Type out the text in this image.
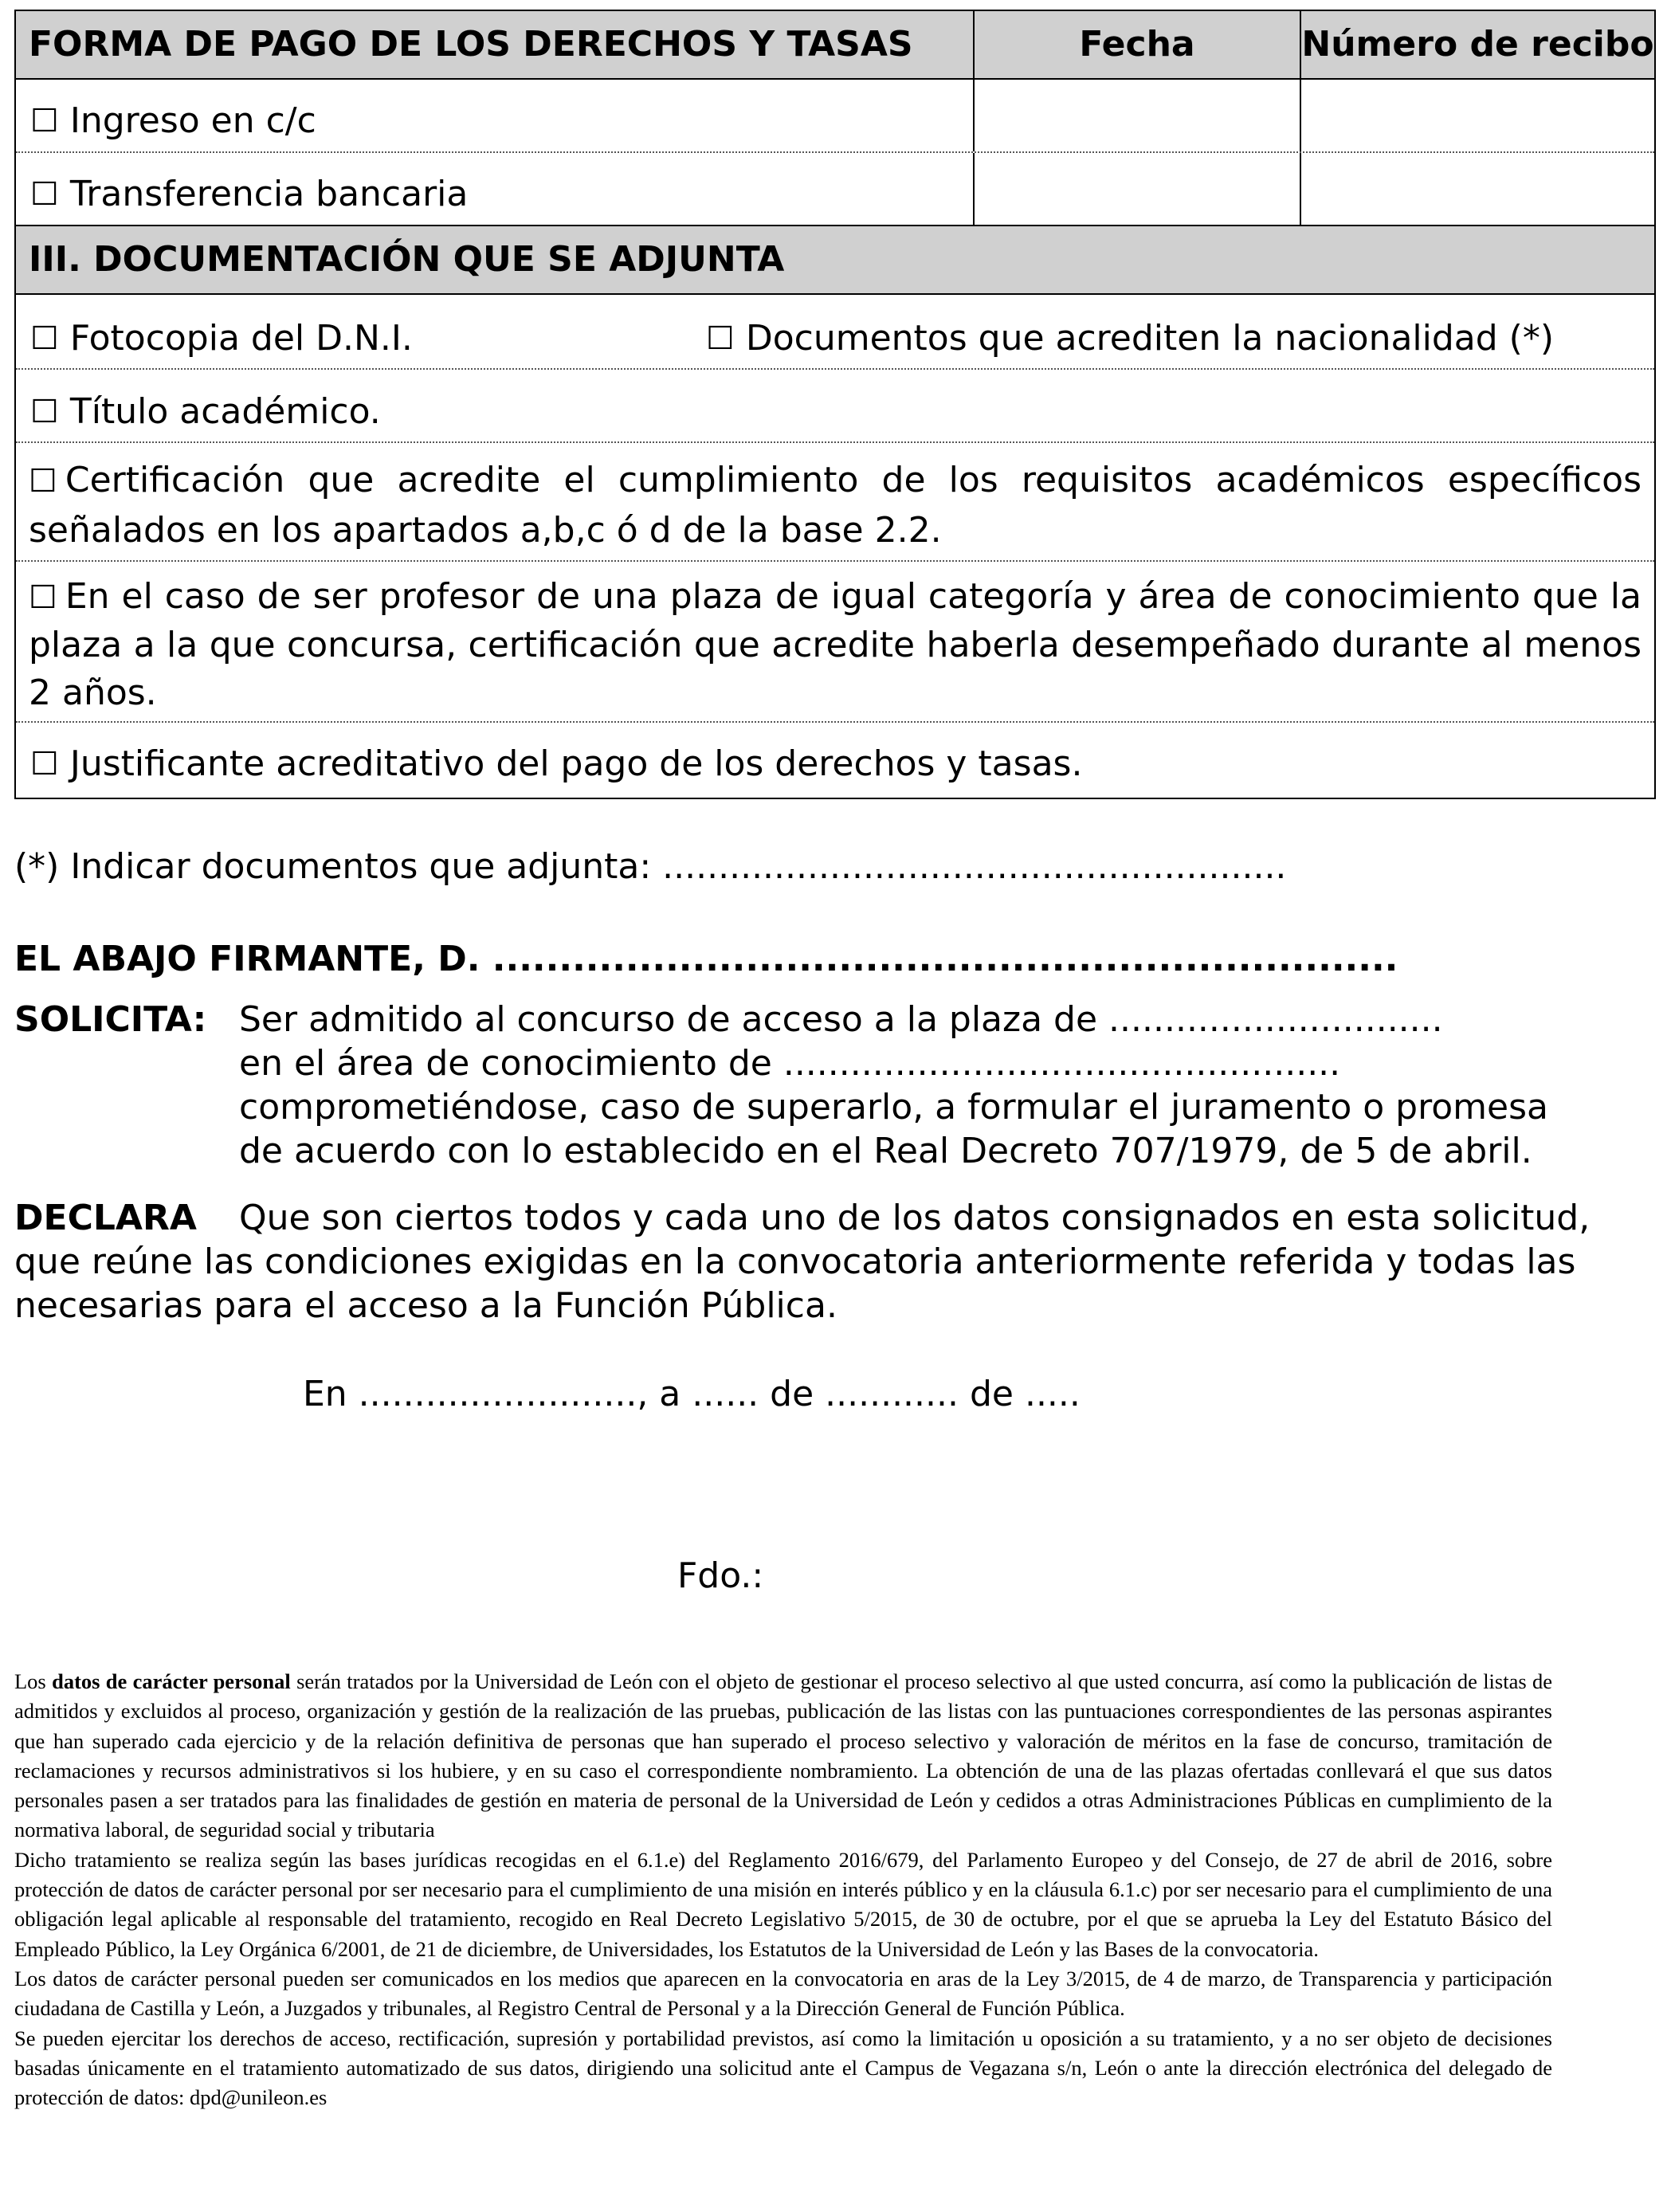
FORMA DE PAGO DE LOS DERECHOS Y TASAS	Fecha	Número de recibo
☐ Ingreso en c/c
☐ Transferencia bancaria
III. DOCUMENTACIÓN QUE SE ADJUNTA
☐ Fotocopia del D.N.I.	☐ Documentos que acrediten la nacionalidad (*)
☐ Título académico.
☐ Certificación que acredite el cumplimiento de los requisitos académicos específicos señalados en los apartados a,b,c ó d de la base 2.2.
☐ En el caso de ser profesor de una plaza de igual categoría y área de conocimiento que la plaza a la que concursa, certificación que acredite haberla desempeñado durante al menos 2 años.
☐ Justificante acreditativo del pago de los derechos y tasas.
(*) Indicar documentos que adjunta: ........................................................
EL ABAJO FIRMANTE, D. ....................................................................
SOLICITA: Ser admitido al concurso de acceso a la plaza de ..............................
en el área de conocimiento de ..................................................
comprometiéndose, caso de superarlo, a formular el juramento o promesa
de acuerdo con lo establecido en el Real Decreto 707/1979, de 5 de abril.
DECLARA Que son ciertos todos y cada uno de los datos consignados en esta solicitud,
que reúne las condiciones exigidas en la convocatoria anteriormente referida y todas las
necesarias para el acceso a la Función Pública.
En ........................., a ...... de ............ de .....
Fdo.:

Los datos de carácter personal serán tratados por la Universidad de León con el objeto de gestionar el proceso selectivo al que usted concurra, así como la publicación de listas de admitidos y excluidos al proceso, organización y gestión de la realización de las pruebas, publicación de las listas con las puntuaciones correspondientes de las personas aspirantes que han superado cada ejercicio y de la relación definitiva de personas que han superado el proceso selectivo y valoración de méritos en la fase de concurso, tramitación de reclamaciones y recursos administrativos si los hubiere, y en su caso el correspondiente nombramiento. La obtención de una de las plazas ofertadas conllevará el que sus datos personales pasen a ser tratados para las finalidades de gestión en materia de personal de la Universidad de León y cedidos a otras Administraciones Públicas en cumplimiento de la normativa laboral, de seguridad social y tributaria

Dicho tratamiento se realiza según las bases jurídicas recogidas en el 6.1.e) del Reglamento 2016/679, del Parlamento Europeo y del Consejo, de 27 de abril de 2016, sobre protección de datos de carácter personal por ser necesario para el cumplimiento de una misión en interés público y en la cláusula 6.1.c) por ser necesario para el cumplimiento de una obligación legal aplicable al responsable del tratamiento, recogido en Real Decreto Legislativo 5/2015, de 30 de octubre, por el que se aprueba la Ley del Estatuto Básico del Empleado Público, la Ley Orgánica 6/2001, de 21 de diciembre, de Universidades, los Estatutos de la Universidad de León y las Bases de la convocatoria.

Los datos de carácter personal pueden ser comunicados en los medios que aparecen en la convocatoria en aras de la Ley 3/2015, de 4 de marzo, de Transparencia y participación ciudadana de Castilla y León, a Juzgados y tribunales, al Registro Central de Personal y a la Dirección General de Función Pública.

Se pueden ejercitar los derechos de acceso, rectificación, supresión y portabilidad previstos, así como la limitación u oposición a su tratamiento, y a no ser objeto de decisiones basadas únicamente en el tratamiento automatizado de sus datos, dirigiendo una solicitud ante el Campus de Vegazana s/n, León o ante la dirección electrónica del delegado de protección de datos: dpd@unileon.es
